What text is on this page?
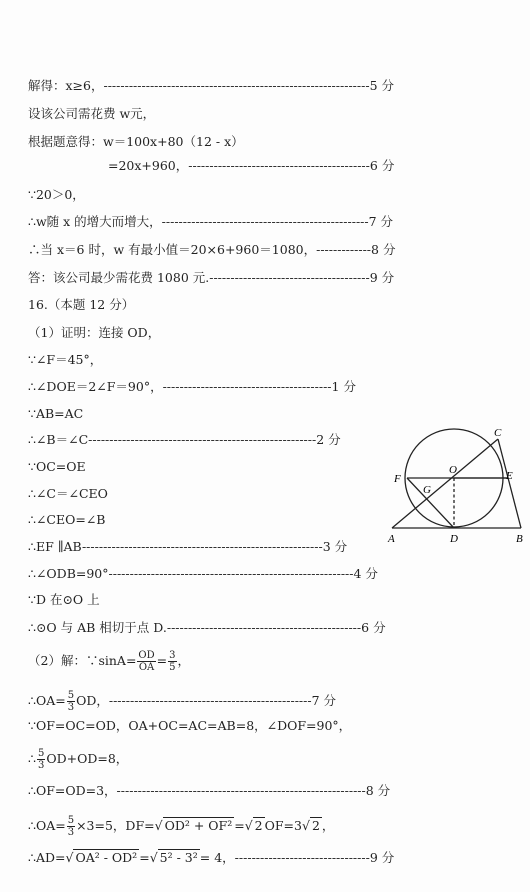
解得：x≥6，---------------------------------------------------------------5 分
设该公司需花费 w元，
根据题意得：w＝100x+80（12 - x）
=20x+960，-------------------------------------------6 分
∵20＞0，
∴w随 x 的增大而增大，-------------------------------------------------7 分
∴当 x＝6 时，w 有最小值＝20×6+960＝1080，-------------8 分
答：该公司最少需花费 1080 元.--------------------------------------9 分
16.（本题 12 分）
（1）证明：连接 OD，
∵∠F＝45°，
∴∠DOE＝2∠F＝90°，----------------------------------------1 分
∵AB=AC
∴∠B＝∠C------------------------------------------------------2 分
∵OC=OE
∴∠C＝∠CEO
∴∠CEO=∠B
∴EF ∥AB---------------------------------------------------------3 分
∴∠ODB=90°----------------------------------------------------------4 分
∵D 在⊙O 上
∴⊙O 与 AB 相切于点 D.----------------------------------------------6 分
（2）解：∵sinA= $\frac{OD}{OA} = \frac{3}{5}$ ，
∴OA= $\frac{5}{3}$ OD，------------------------------------------------7 分
∵OF=OC=OD，OA+OC=AC=AB=8，∠DOF=90°，
∴ $\frac{5}{3} OD+OD=8$，
∴OF=OD=3，-----------------------------------------------------------8 分
∴OA= $\frac{5}{3} \times 3=5$，DF=√ OD² + OF² =√ 2 OF=3√ 2 ，
∴AD=√ OA² - OD² =√ 5² - 3² = 4，--------------------------------9 分
A	B
C
D
E
F
G
O
